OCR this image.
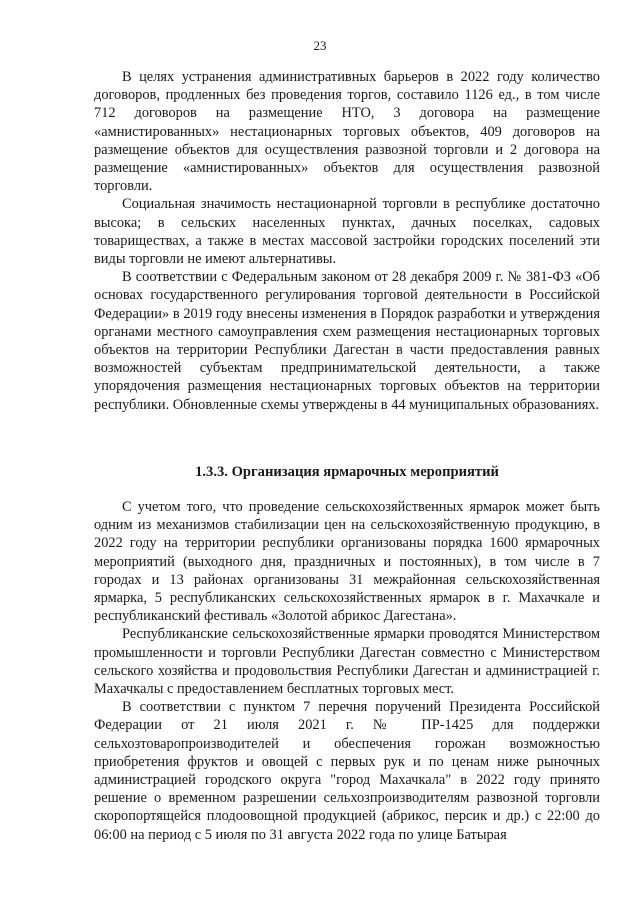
23

В целях устранения административных барьеров в 2022 году количество договоров, продленных без проведения торгов, составило 1126 ед., в том числе 712 договоров на размещение НТО, 3 договора на размещение «амнистированных» нестационарных торговых объектов, 409 договоров на размещение объектов для осуществления развозной торговли и 2 договора на размещение «амнистированных» объектов для осуществления развозной торговли.

Социальная значимость нестационарной торговли в республике достаточно высока; в сельских населенных пунктах, дачных поселках, садовых товариществах, а также в местах массовой застройки городских поселений эти виды торговли не имеют альтернативы.

В соответствии с Федеральным законом от 28 декабря 2009 г. № 381-ФЗ «Об основах государственного регулирования торговой деятельности в Российской Федерации» в 2019 году внесены изменения в Порядок разработки и утверждения органами местного самоуправления схем размещения нестационарных торговых объектов на территории Республики Дагестан в части предоставления равных возможностей субъектам предпринимательской деятельности, а также упорядочения размещения нестационарных торговых объектов на территории республики. Обновленные схемы утверждены в 44 муниципальных образованиях.

1.3.3. Организация ярмарочных мероприятий

С учетом того, что проведение сельскохозяйственных ярмарок может быть одним из механизмов стабилизации цен на сельскохозяйственную продукцию, в 2022 году на территории республики организованы порядка 1600 ярмарочных мероприятий (выходного дня, праздничных и постоянных), в том числе в 7 городах и 13 районах организованы 31 межрайонная сельскохозяйственная ярмарка, 5 республиканских сельскохозяйственных ярмарок в г. Махачкале и республиканский фестиваль «Золотой абрикос Дагестана».

Республиканские сельскохозяйственные ярмарки проводятся Министерством промышленности и торговли Республики Дагестан совместно с Министерством сельского хозяйства и продовольствия Республики Дагестан и администрацией г. Махачкалы с предоставлением бесплатных торговых мест.

В соответствии с пунктом 7 перечня поручений Президента Российской Федерации от 21 июля 2021 г. № ПР-1425 для поддержки сельхозтоваропроизводителей и обеспечения горожан возможностью приобретения фруктов и овощей с первых рук и по ценам ниже рыночных администрацией городского округа "город Махачкала" в 2022 году принято решение о временном разрешении сельхозпроизводителям развозной торговли скоропортящейся плодоовощной продукцией (абрикос, персик и др.) с 22:00 до 06:00 на период с 5 июля по 31 августа 2022 года по улице Батырая
